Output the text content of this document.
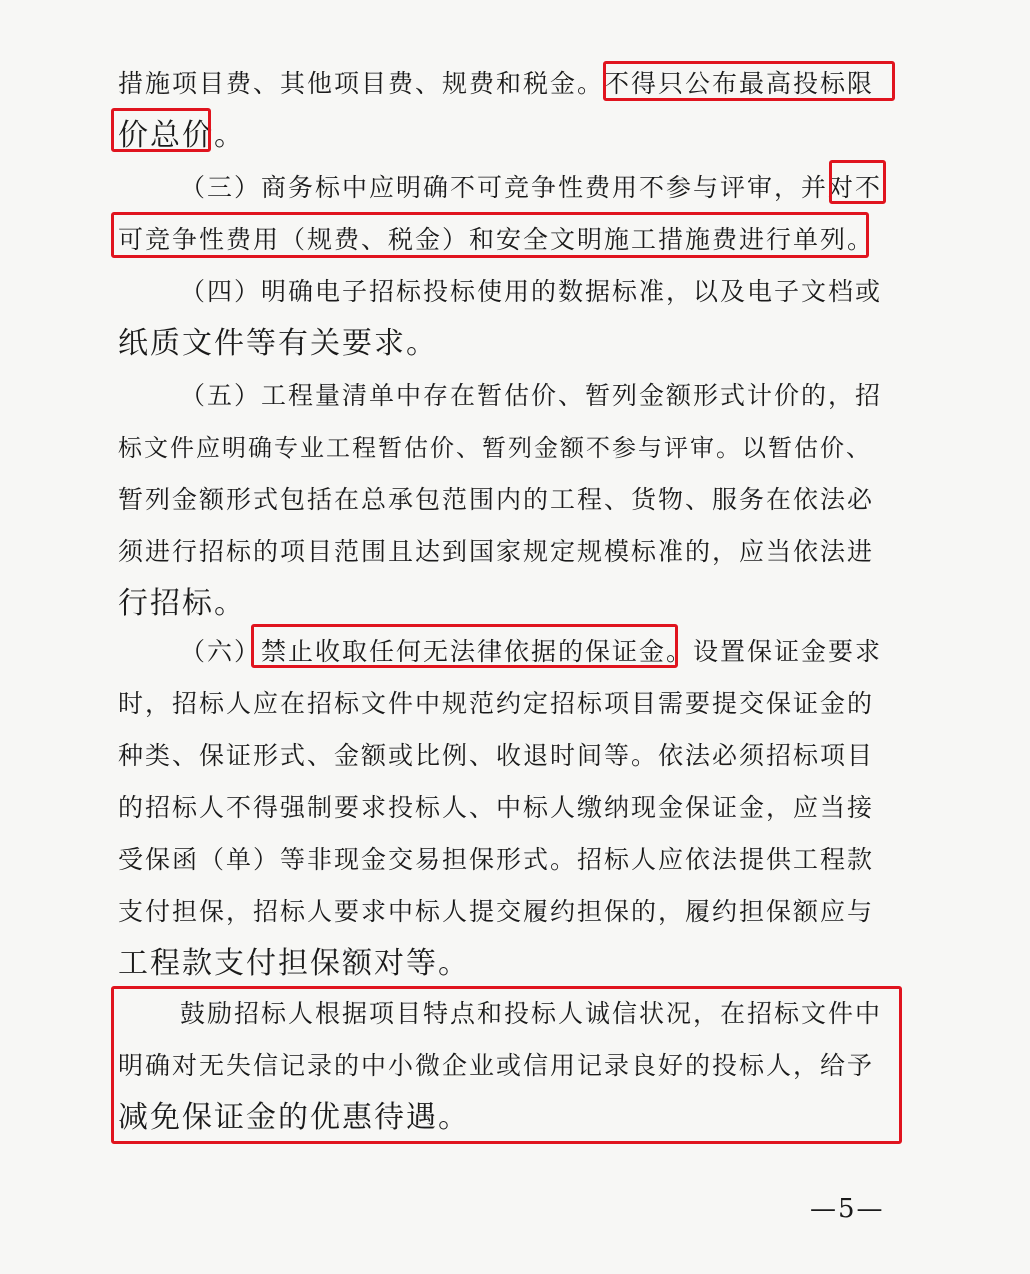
措施项目费、其他项目费、规费和税金。不得只公布最高投标限
价总价。
（三）商务标中应明确不可竞争性费用不参与评审，并对不
可竞争性费用（规费、税金）和安全文明施工措施费进行单列。
（四）明确电子招标投标使用的数据标准，以及电子文档或
纸质文件等有关要求。
（五）工程量清单中存在暂估价、暂列金额形式计价的，招
标文件应明确专业工程暂估价、暂列金额不参与评审。以暂估价、
暂列金额形式包括在总承包范围内的工程、货物、服务在依法必
须进行招标的项目范围且达到国家规定规模标准的，应当依法进
行招标。
（六）禁止收取任何无法律依据的保证金。设置保证金要求
时，招标人应在招标文件中规范约定招标项目需要提交保证金的
种类、保证形式、金额或比例、收退时间等。依法必须招标项目
的招标人不得强制要求投标人、中标人缴纳现金保证金，应当接
受保函（单）等非现金交易担保形式。招标人应依法提供工程款
支付担保，招标人要求中标人提交履约担保的，履约担保额应与
工程款支付担保额对等。
鼓励招标人根据项目特点和投标人诚信状况，在招标文件中
明确对无失信记录的中小微企业或信用记录良好的投标人，给予
减免保证金的优惠待遇。
—5—
